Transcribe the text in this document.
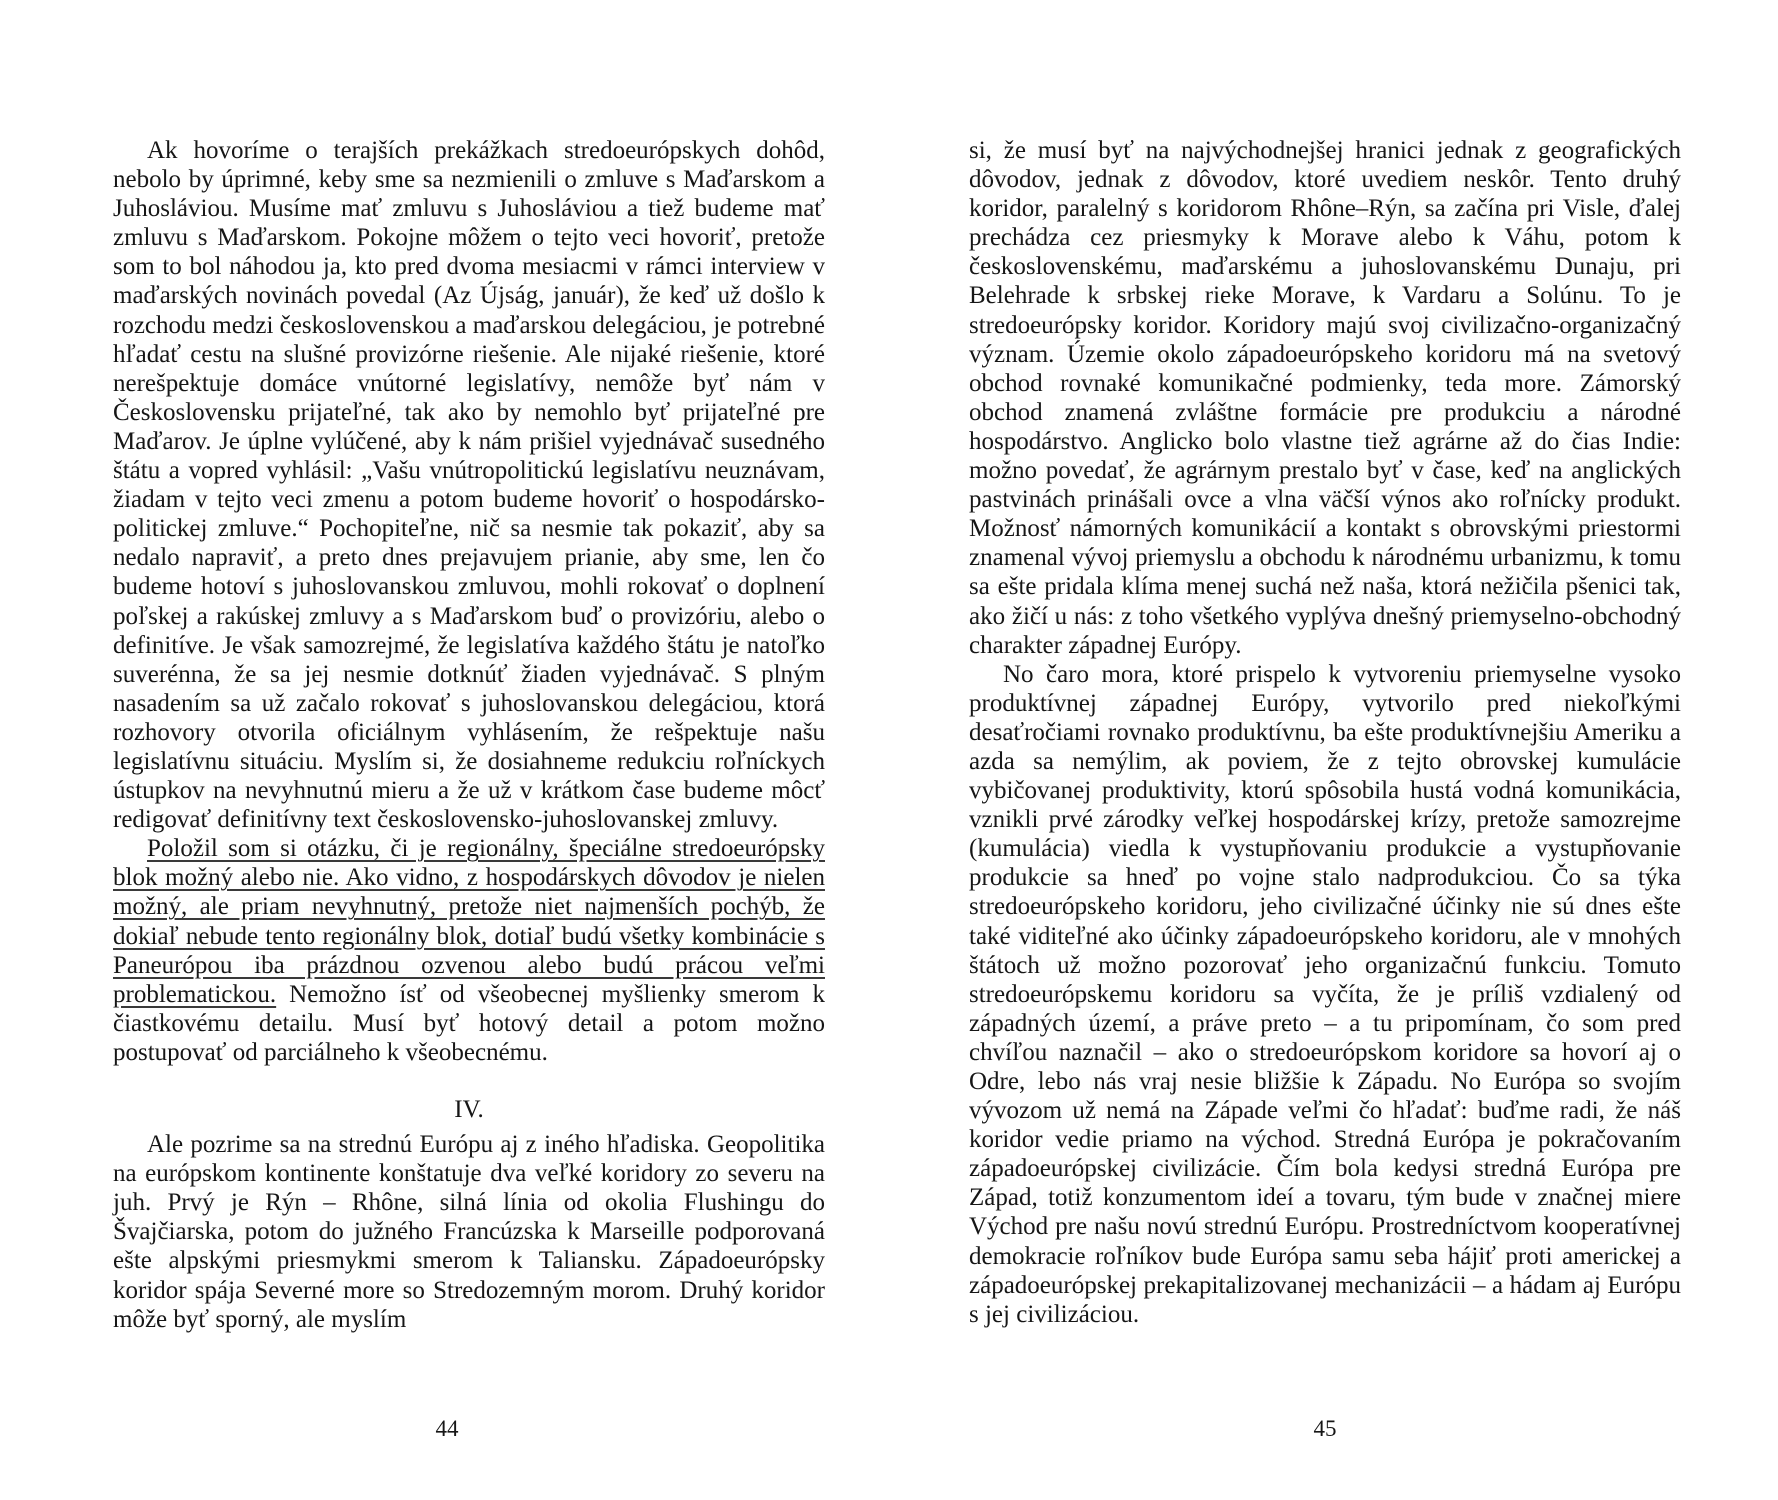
Ak hovoríme o terajších prekážkach stredoeurópskych dohôd, nebolo by úprimné, keby sme sa nezmienili o zmluve s Maďarskom a Juhosláviou. Musíme mať zmluvu s Juhosláviou a tiež budeme mať zmluvu s Maďarskom. Pokojne môžem o tejto veci hovoriť, pretože som to bol náhodou ja, kto pred dvoma mesiacmi v rámci interview v maďarských novinách povedal (Az Újság, január), že keď už došlo k rozchodu medzi československou a maďarskou delegáciou, je potrebné hľadať cestu na slušné provizórne riešenie. Ale nijaké riešenie, ktoré nerešpektuje domáce vnútorné legislatívy, nemôže byť nám v Československu prijateľné, tak ako by nemohlo byť prijateľné pre Maďarov. Je úplne vylúčené, aby k nám prišiel vyjednávač susedného štátu a vopred vyhlásil: „Vašu vnútropolitickú legislatívu neuznávam, žiadam v tejto veci zmenu a potom budeme hovoriť o hospodársko-politickej zmluve.“ Pochopiteľne, nič sa nesmie tak pokaziť, aby sa nedalo napraviť, a preto dnes prejavujem prianie, aby sme, len čo budeme hotoví s juhoslovanskou zmluvou, mohli rokovať o doplnení poľskej a rakúskej zmluvy a s Maďarskom buď o provizóriu, alebo o definitíve. Je však samozrejmé, že legislatíva každého štátu je natoľko suverénna, že sa jej nesmie dotknúť žiaden vyjednávač. S plným nasadením sa už začalo rokovať s juhoslovanskou delegáciou, ktorá rozhovory otvorila oficiálnym vyhlásením, že rešpektuje našu legislatívnu situáciu. Myslím si, že dosiahneme redukciu roľníckych ústupkov na nevyhnutnú mieru a že už v krátkom čase budeme môcť redigovať definitívny text československo-juhoslovanskej zmluvy.

Položil som si otázku, či je regionálny, špeciálne stredoeurópsky blok možný alebo nie. Ako vidno, z hospodárskych dôvodov je nielen možný, ale priam nevyhnutný, pretože niet najmenších pochýb, že dokiaľ nebude tento regionálny blok, dotiaľ budú všetky kombinácie s Paneurópou iba prázdnou ozvenou alebo budú prácou veľmi problematickou. Nemožno ísť od všeobecnej myšlienky smerom k čiastkovému detailu. Musí byť hotový detail a potom možno postupovať od parciálneho k všeobecnému.

IV.

Ale pozrime sa na strednú Európu aj z iného hľadiska. Geopolitika na európskom kontinente konštatuje dva veľké koridory zo severu na juh. Prvý je Rýn – Rhône, silná línia od okolia Flushingu do Švajčiarska, potom do južného Francúzska k Marseille podporovaná ešte alpskými priesmykmi smerom k Taliansku. Západoeurópsky koridor spája Severné more so Stredozemným morom. Druhý koridor môže byť sporný, ale myslím

44

si, že musí byť na najvýchodnejšej hranici jednak z geografických dôvodov, jednak z dôvodov, ktoré uvediem neskôr. Tento druhý koridor, paralelný s koridorom Rhône–Rýn, sa začína pri Visle, ďalej prechádza cez priesmyky k Morave alebo k Váhu, potom k československému, maďarskému a juhoslovanskému Dunaju, pri Belehrade k srbskej rieke Morave, k Vardaru a Solúnu. To je stredoeurópsky koridor. Koridory majú svoj civilizačno-organizačný význam. Územie okolo západoeurópskeho koridoru má na svetový obchod rovnaké komunikačné podmienky, teda more. Zámorský obchod znamená zvláštne formácie pre produkciu a národné hospodárstvo. Anglicko bolo vlastne tiež agrárne až do čias Indie: možno povedať, že agrárnym prestalo byť v čase, keď na anglických pastvinách prinášali ovce a vlna väčší výnos ako roľnícky produkt. Možnosť námorných komunikácií a kontakt s obrovskými priestormi znamenal vývoj priemyslu a obchodu k národnému urbanizmu, k tomu sa ešte pridala klíma menej suchá než naša, ktorá nežičila pšenici tak, ako žičí u nás: z toho všetkého vyplýva dnešný priemyselno-obchodný charakter západnej Európy.

No čaro mora, ktoré prispelo k vytvoreniu priemyselne vysoko produktívnej západnej Európy, vytvorilo pred niekoľkými desaťročiami rovnako produktívnu, ba ešte produktívnejšiu Ameriku a azda sa nemýlim, ak poviem, že z tejto obrovskej kumulácie vybičovanej produktivity, ktorú spôsobila hustá vodná komunikácia, vznikli prvé zárodky veľkej hospodárskej krízy, pretože samozrejme (kumulácia) viedla k vystupňovaniu produkcie a vystupňovanie produkcie sa hneď po vojne stalo nadprodukciou. Čo sa týka stredoeurópskeho koridoru, jeho civilizačné účinky nie sú dnes ešte také viditeľné ako účinky západoeurópskeho koridoru, ale v mnohých štátoch už možno pozorovať jeho organizačnú funkciu. Tomuto stredoeurópskemu koridoru sa vyčíta, že je príliš vzdialený od západných území, a práve preto – a tu pripomínam, čo som pred chvíľou naznačil – ako o stredoeurópskom koridore sa hovorí aj o Odre, lebo nás vraj nesie bližšie k Západu. No Európa so svojím vývozom už nemá na Západe veľmi čo hľadať: buďme radi, že náš koridor vedie priamo na východ. Stredná Európa je pokračovaním západoeurópskej civilizácie. Čím bola kedysi stredná Európa pre Západ, totiž konzumentom ideí a tovaru, tým bude v značnej miere Východ pre našu novú strednú Európu. Prostredníctvom kooperatívnej demokracie roľníkov bude Európa samu seba hájiť proti americkej a západoeurópskej prekapitalizovanej mechanizácii – a hádam aj Európu s jej civilizáciou.

45
